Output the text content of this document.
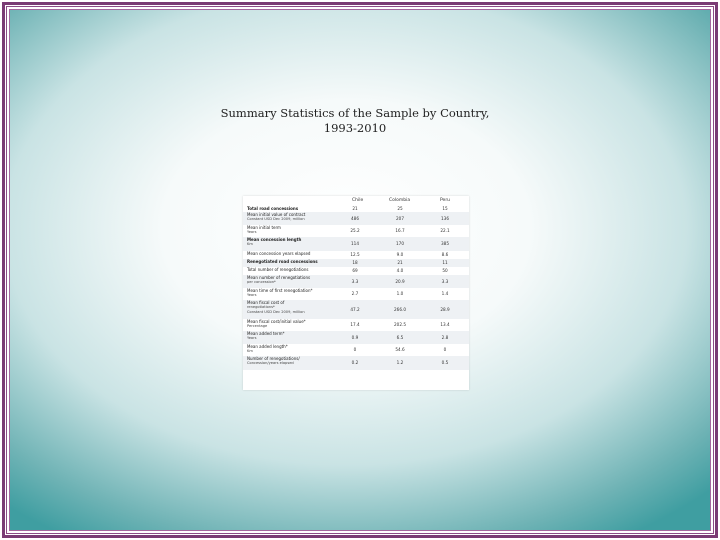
Summary Statistics of the Sample by Country,
1993-2010
Chile	Colombia	Peru
Total road concessions	21	25	15
Mean initial value of contract
Constant USD Dec 2009, million	486	207	136
Mean initial term
Years	25.2	16.7	22.1
Mean concession length
Km	114	170	385
Mean concession years elapsed	12.5	9.0	8.6
Renegotiated road concessions	18	21	11
Total number of renegotiations	69	4.0	50
Mean number of renegotiations
per concession*	3.3	20.9	3.3
Mean time of first renegotiation*
Years	2.7	1.0	1.4
Mean fiscal cost of
renegotiations*
Constant USD Dec 2009, million	47.2	266.0	28.9
Mean fiscal cost/initial value*
Percentage	17.4	202.5	13.4
Mean added term*
Years	0.9	6.5	2.8
Mean added length*
Km	0	54.6	0
Number of renegotiations/
Concession/years elapsed	0.2	1.2	0.5
